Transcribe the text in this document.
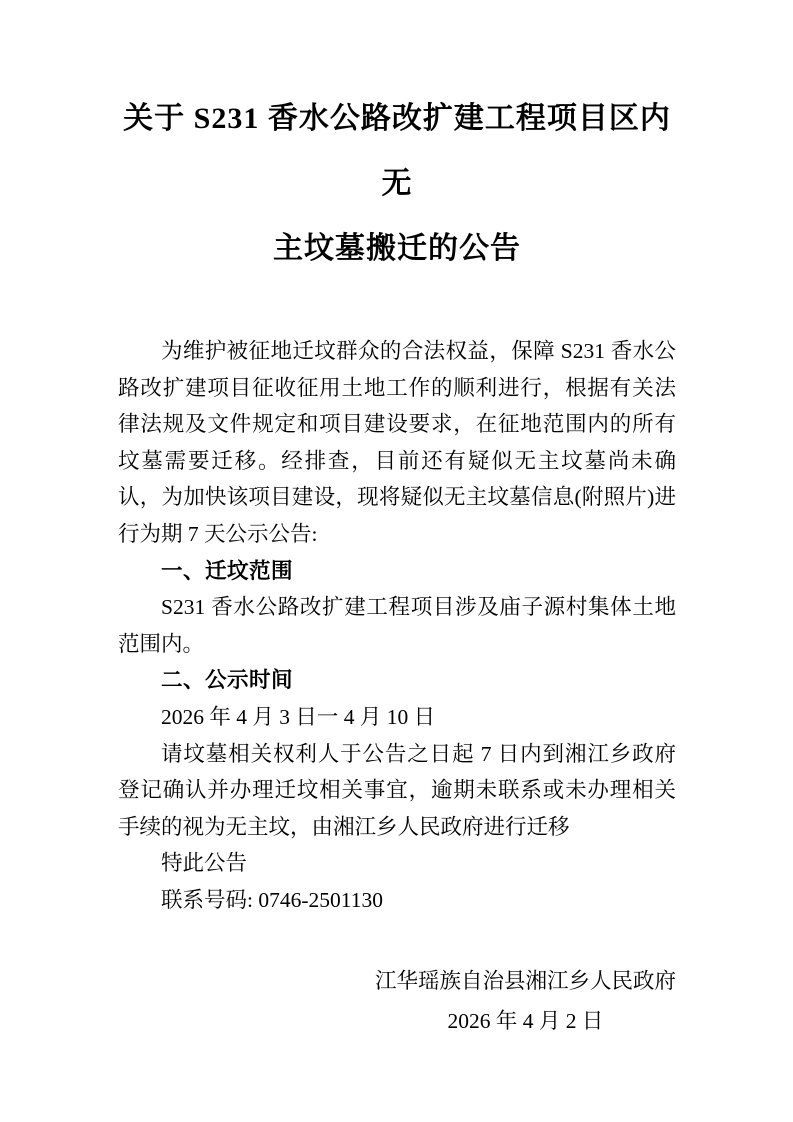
关于 S231 香水公路改扩建工程项目区内无
主坟墓搬迁的公告

为维护被征地迁坟群众的合法权益，保障 S231 香水公路改扩建项目征收征用土地工作的顺利进行，根据有关法律法规及文件规定和项目建设要求，在征地范围内的所有坟墓需要迁移。经排查，目前还有疑似无主坟墓尚未确认，为加快该项目建设，现将疑似无主坟墓信息(附照片)进行为期 7 天公示公告:

一、迁坟范围

S231 香水公路改扩建工程项目涉及庙子源村集体土地范围内。

二、公示时间

2026 年 4 月 3 日一 4 月 10 日

请坟墓相关权利人于公告之日起 7 日内到湘江乡政府登记确认并办理迁坟相关事宜，逾期未联系或未办理相关手续的视为无主坟，由湘江乡人民政府进行迁移

特此公告

联系号码: 0746-2501130

江华瑶族自治县湘江乡人民政府
2026 年 4 月 2 日
